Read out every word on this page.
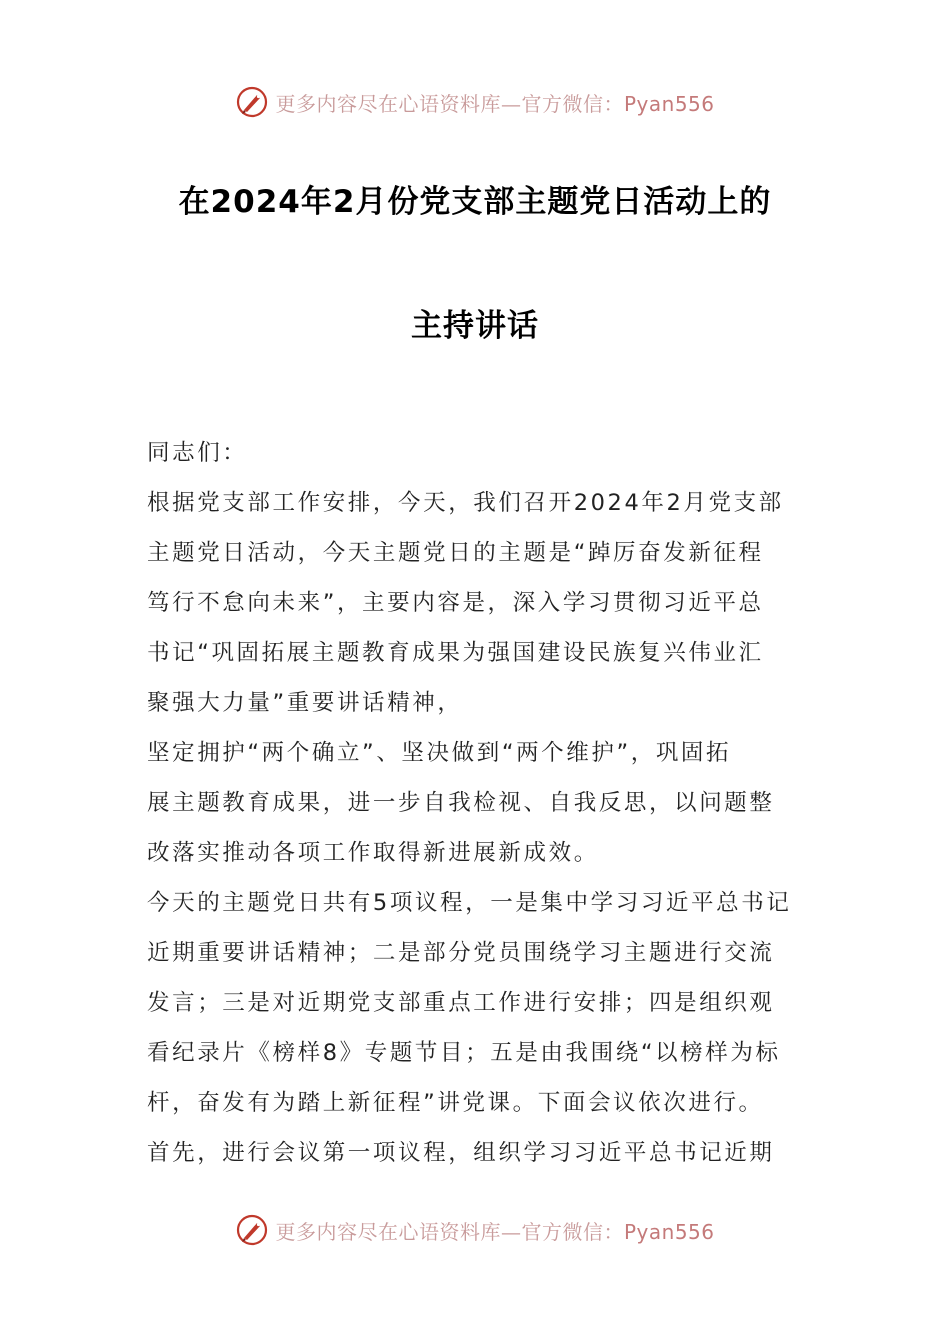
更多内容尽在心语资料库—官方微信：Pyan556
在2024年2月份党支部主题党日活动上的
主持讲话
同志们：
根据党支部工作安排，今天，我们召开2024年2月党支部
主题党日活动，今天主题党日的主题是“踔厉奋发新征程
笃行不怠向未来”，主要内容是，深入学习贯彻习近平总
书记“巩固拓展主题教育成果为强国建设民族复兴伟业汇
聚强大力量”重要讲话精神，
坚定拥护“两个确立”、坚决做到“两个维护”，巩固拓
展主题教育成果，进一步自我检视、自我反思，以问题整
改落实推动各项工作取得新进展新成效。
今天的主题党日共有5项议程，一是集中学习习近平总书记
近期重要讲话精神；二是部分党员围绕学习主题进行交流
发言；三是对近期党支部重点工作进行安排；四是组织观
看纪录片《榜样8》专题节目；五是由我围绕“以榜样为标
杆，奋发有为踏上新征程”讲党课。下面会议依次进行。
首先，进行会议第一项议程，组织学习习近平总书记近期
更多内容尽在心语资料库—官方微信：Pyan556
